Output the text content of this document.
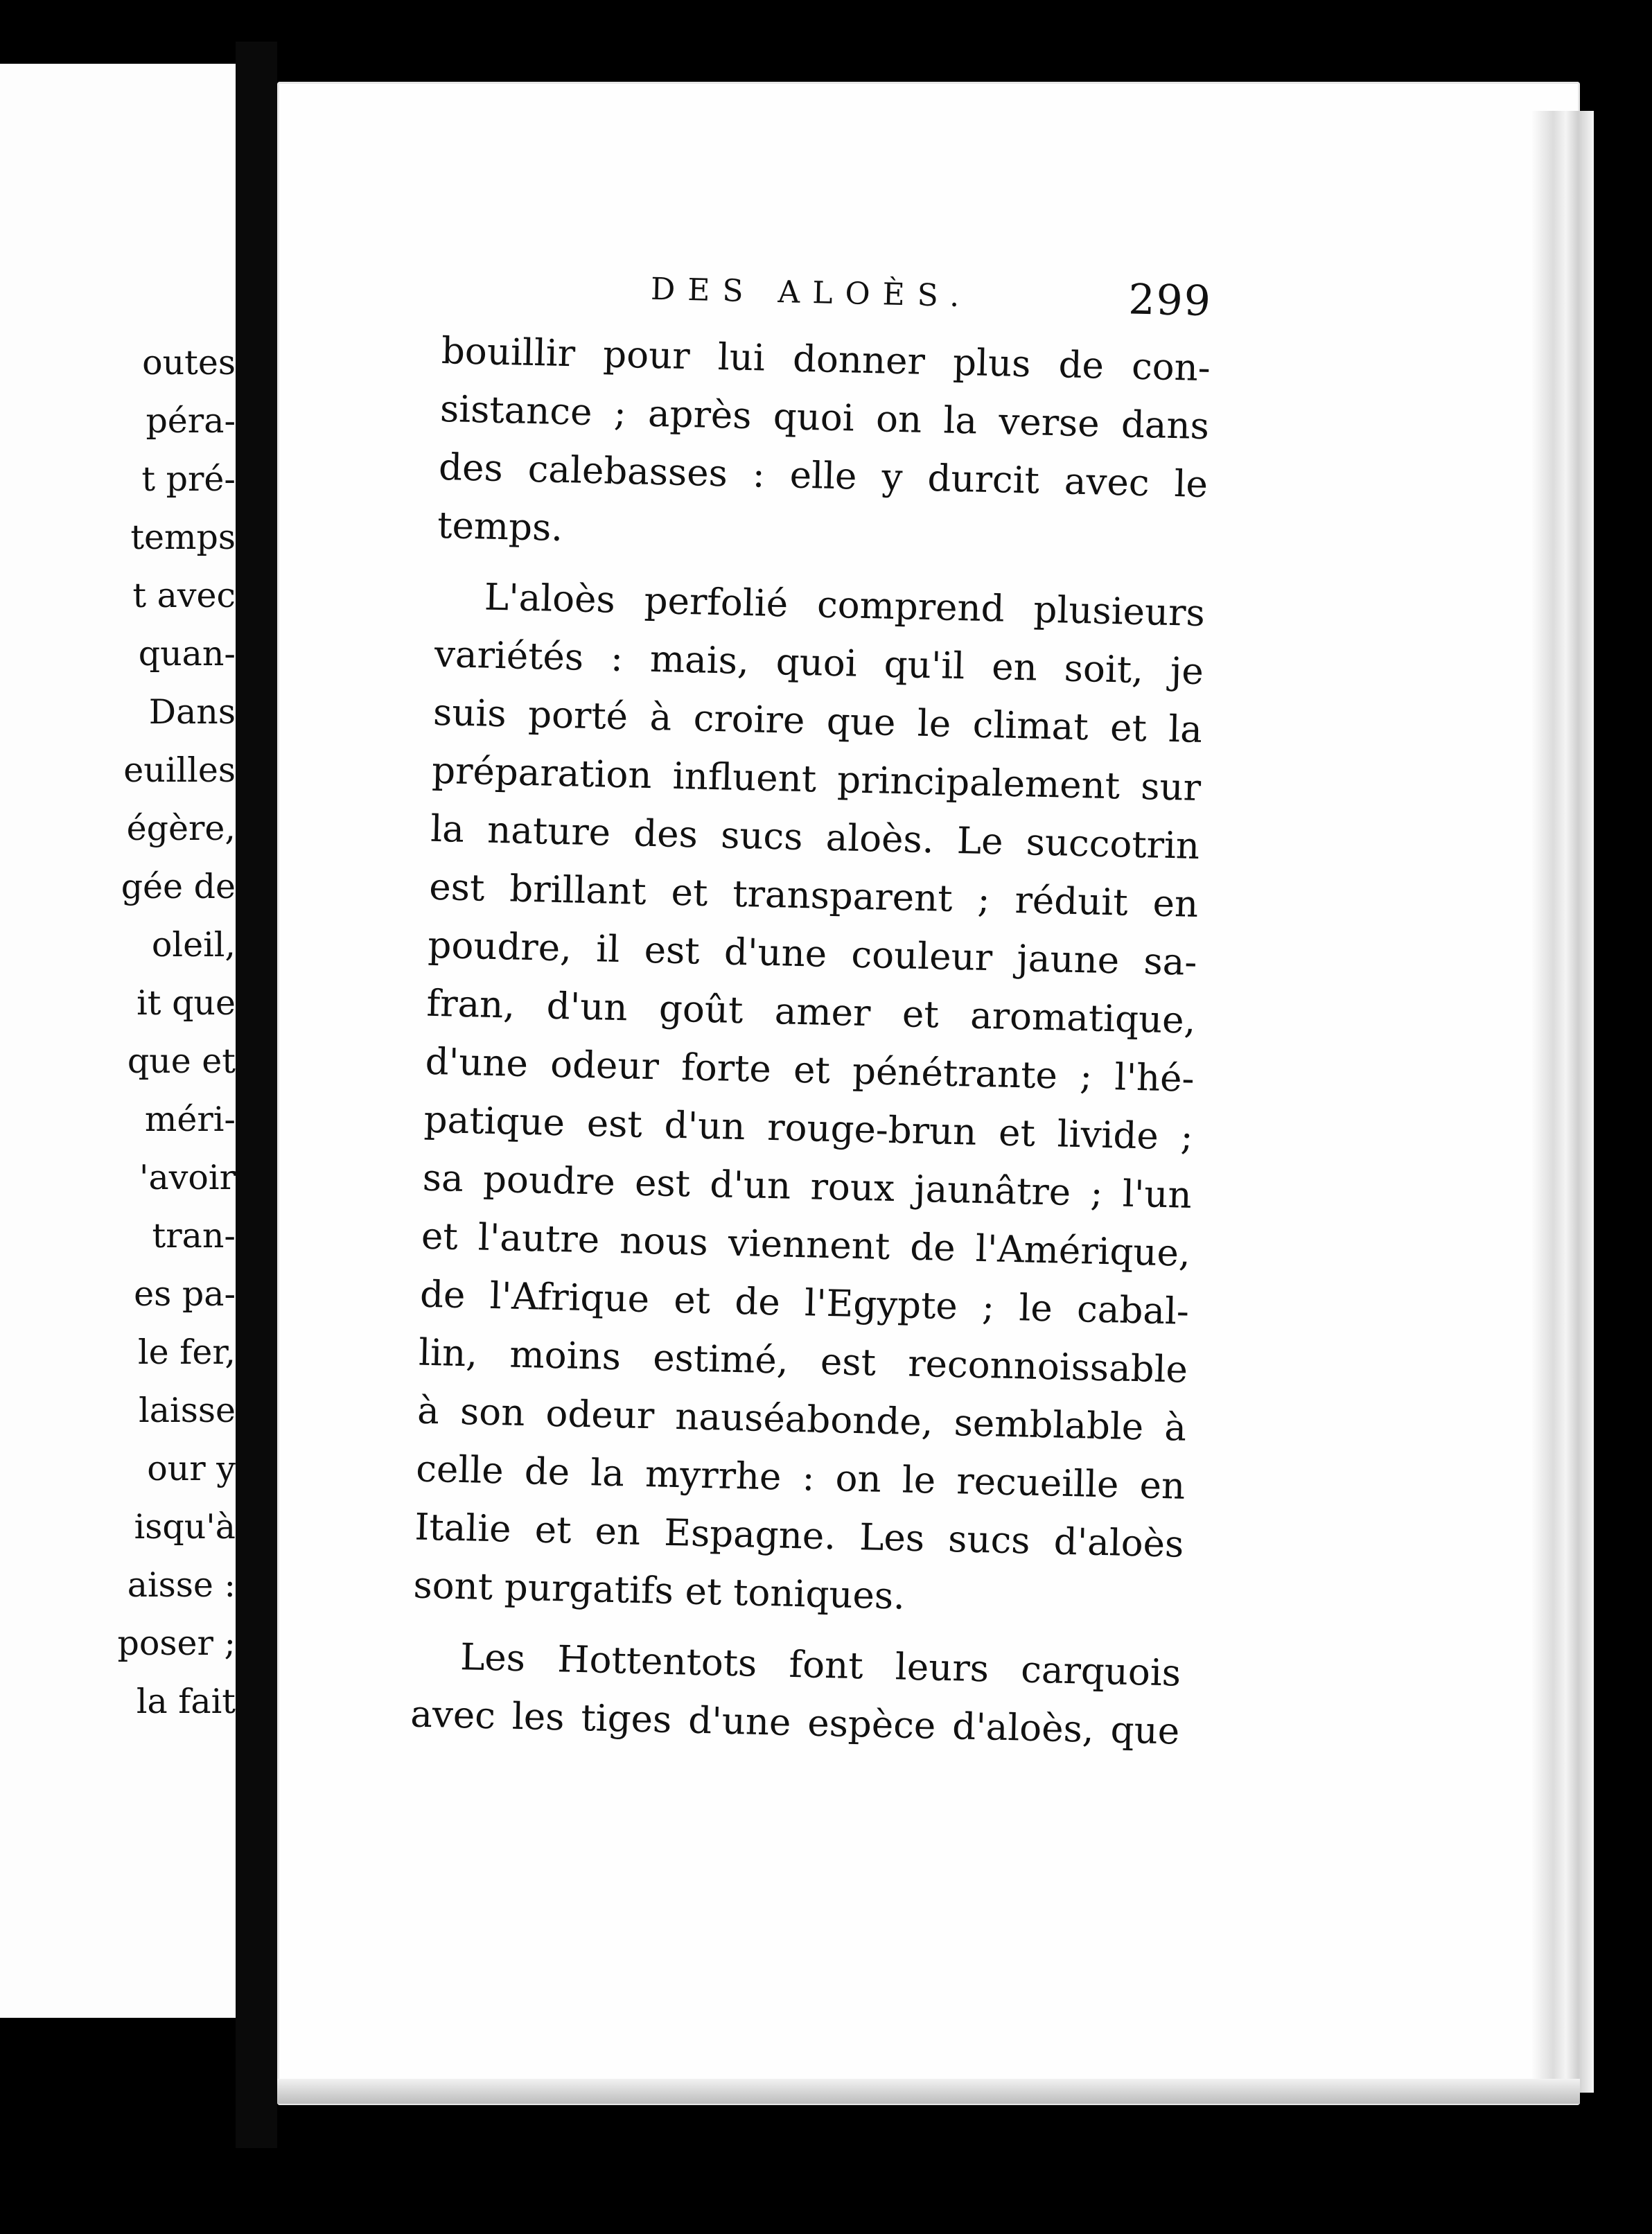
outes
péra-
t pré-
temps
t avec
quan-
Dans
euilles
égère,
gée de
oleil,
it que
que et
méri-
'avoir
tran-
es pa-
le fer,
laisse
our y
isqu'à
aisse :
poser ;
la fait
DES ALOÈS.	299
bouillir pour lui donner plus de con-
sistance ; après quoi on la verse dans
des calebasses : elle y durcit avec le
temps.
L'aloès perfolié comprend plusieurs
variétés : mais, quoi qu'il en soit, je
suis porté à croire que le climat et la
préparation influent principalement sur
la nature des sucs aloès. Le succotrin
est brillant et transparent ; réduit en
poudre, il est d'une couleur jaune sa-
fran, d'un goût amer et aromatique,
d'une odeur forte et pénétrante ; l'hé-
patique est d'un rouge-brun et livide ;
sa poudre est d'un roux jaunâtre ; l'un
et l'autre nous viennent de l'Amérique,
de l'Afrique et de l'Egypte ; le cabal-
lin, moins estimé, est reconnoissable
à son odeur nauséabonde, semblable à
celle de la myrrhe : on le recueille en
Italie et en Espagne. Les sucs d'aloès
sont purgatifs et toniques.
Les Hottentots font leurs carquois
avec les tiges d'une espèce d'aloès, que
